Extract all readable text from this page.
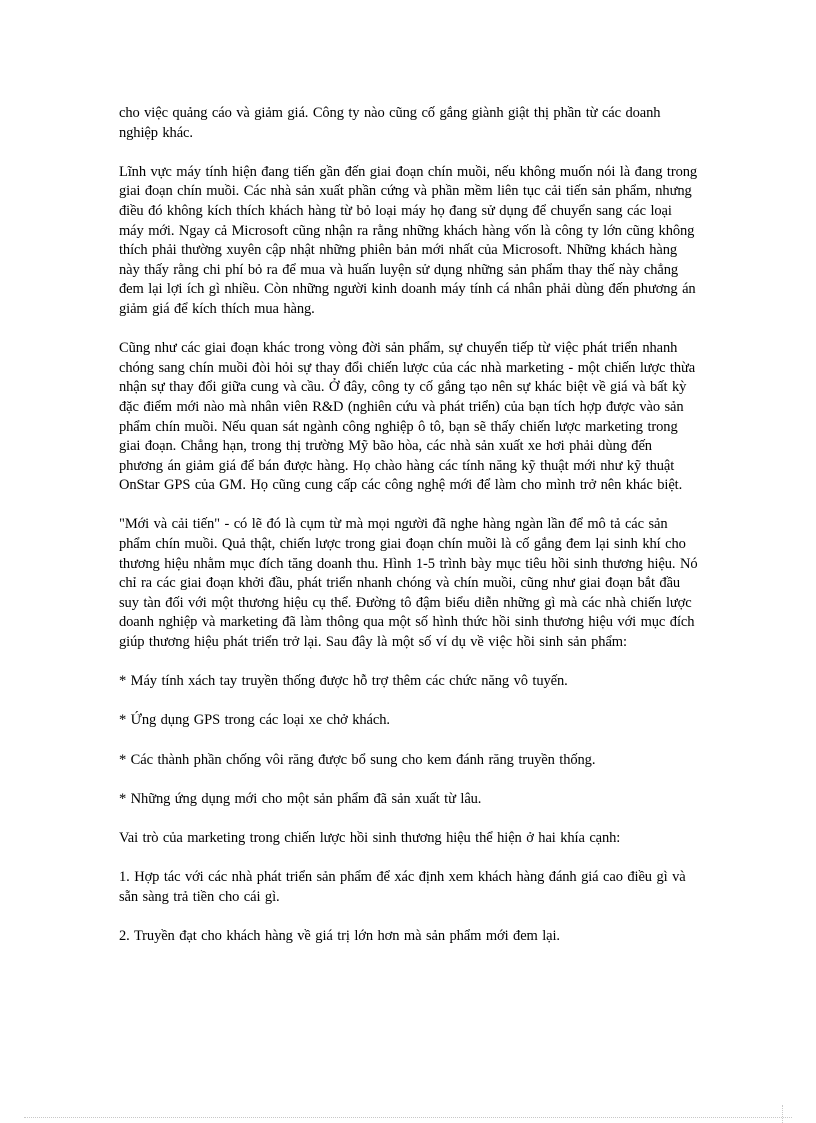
cho việc quảng cáo và giảm giá. Công ty nào cũng cố gắng giành giật thị phần từ các doanh nghiệp khác.

Lĩnh vực máy tính hiện đang tiến gần đến giai đoạn chín muồi, nếu không muốn nói là đang trong giai đoạn chín muồi. Các nhà sản xuất phần cứng và phần mềm liên tục cải tiến sản phẩm, nhưng điều đó không kích thích khách hàng từ bỏ loại máy họ đang sử dụng để chuyển sang các loại máy mới. Ngay cả Microsoft cũng nhận ra rằng những khách hàng vốn là công ty lớn cũng không thích phải thường xuyên cập nhật những phiên bản mới nhất của Microsoft. Những khách hàng này thấy rằng chi phí bỏ ra để mua và huấn luyện sử dụng những sản phẩm thay thế này chẳng đem lại lợi ích gì nhiều. Còn những người kinh doanh máy tính cá nhân phải dùng đến phương án giảm giá để kích thích mua hàng.

Cũng như các giai đoạn khác trong vòng đời sản phẩm, sự chuyển tiếp từ việc phát triển nhanh chóng sang chín muồi đòi hỏi sự thay đổi chiến lược của các nhà marketing - một chiến lược thừa nhận sự thay đổi giữa cung và cầu. Ở đây, công ty cố gắng tạo nên sự khác biệt về giá và bất kỳ đặc điểm mới nào mà nhân viên R&D (nghiên cứu và phát triển) của bạn tích hợp được vào sản phẩm chín muồi. Nếu quan sát ngành công nghiệp ô tô, bạn sẽ thấy chiến lược marketing trong giai đoạn. Chẳng hạn, trong thị trường Mỹ bão hòa, các nhà sản xuất xe hơi phải dùng đến phương án giảm giá để bán được hàng. Họ chào hàng các tính năng kỹ thuật mới như kỹ thuật OnStar GPS của GM. Họ cũng cung cấp các công nghệ mới để làm cho mình trở nên khác biệt.

"Mới và cải tiến" - có lẽ đó là cụm từ mà mọi người đã nghe hàng ngàn lần để mô tả các sản phẩm chín muồi. Quả thật, chiến lược trong giai đoạn chín muồi là cố gắng đem lại sinh khí cho thương hiệu nhằm mục đích tăng doanh thu. Hình 1-5 trình bày mục tiêu hồi sinh thương hiệu. Nó chỉ ra các giai đoạn khởi đầu, phát triển nhanh chóng và chín muồi, cũng như giai đoạn bắt đầu suy tàn đối với một thương hiệu cụ thể. Đường tô đậm biểu diễn những gì mà các nhà chiến lược doanh nghiệp và marketing đã làm thông qua một số hình thức hồi sinh thương hiệu với mục đích giúp thương hiệu phát triển trở lại. Sau đây là một số ví dụ về việc hồi sinh sản phẩm:

* Máy tính xách tay truyền thống được hỗ trợ thêm các chức năng vô tuyến.

* Ứng dụng GPS trong các loại xe chở khách.

* Các thành phần chống vôi răng được bổ sung cho kem đánh răng truyền thống.

* Những ứng dụng mới cho một sản phẩm đã sản xuất từ lâu.

Vai trò của marketing trong chiến lược hồi sinh thương hiệu thể hiện ở hai khía cạnh:

1. Hợp tác với các nhà phát triển sản phẩm để xác định xem khách hàng đánh giá cao điều gì và sẵn sàng trả tiền cho cái gì.

2. Truyền đạt cho khách hàng về giá trị lớn hơn mà sản phẩm mới đem lại.
